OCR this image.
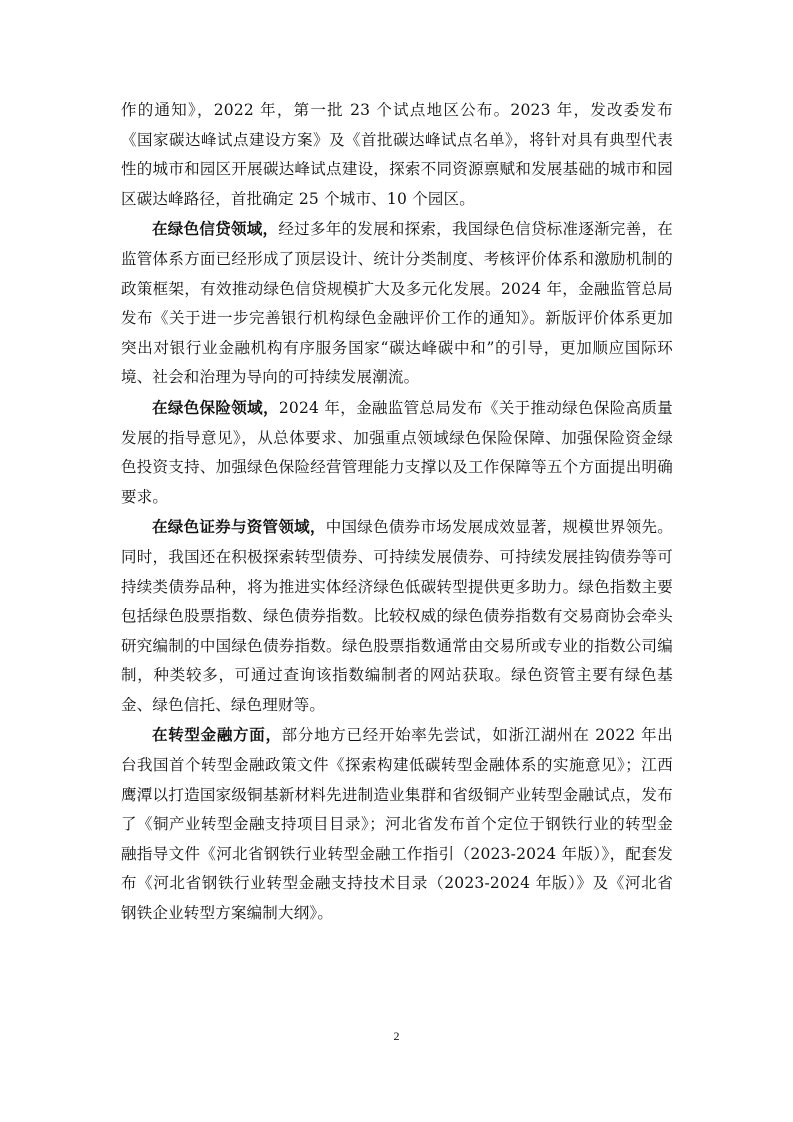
作的通知》，2022 年，第一批 23 个试点地区公布。2023 年，发改委发布《国家碳达峰试点建设方案》及《首批碳达峰试点名单》，将针对具有典型代表性的城市和园区开展碳达峰试点建设，探索不同资源禀赋和发展基础的城市和园区碳达峰路径，首批确定 25 个城市、10 个园区。

在绿色信贷领域，经过多年的发展和探索，我国绿色信贷标准逐渐完善，在监管体系方面已经形成了顶层设计、统计分类制度、考核评价体系和激励机制的政策框架，有效推动绿色信贷规模扩大及多元化发展。2024 年，金融监管总局发布《关于进一步完善银行机构绿色金融评价工作的通知》。新版评价体系更加突出对银行业金融机构有序服务国家“碳达峰碳中和”的引导，更加顺应国际环境、社会和治理为导向的可持续发展潮流。

在绿色保险领域，2024 年，金融监管总局发布《关于推动绿色保险高质量发展的指导意见》，从总体要求、加强重点领域绿色保险保障、加强保险资金绿色投资支持、加强绿色保险经营管理能力支撑以及工作保障等五个方面提出明确要求。

在绿色证券与资管领域，中国绿色债券市场发展成效显著，规模世界领先。同时，我国还在积极探索转型债券、可持续发展债券、可持续发展挂钩债券等可持续类债券品种，将为推进实体经济绿色低碳转型提供更多助力。绿色指数主要包括绿色股票指数、绿色债券指数。比较权威的绿色债券指数有交易商协会牵头研究编制的中国绿色债券指数。绿色股票指数通常由交易所或专业的指数公司编制，种类较多，可通过查询该指数编制者的网站获取。绿色资管主要有绿色基金、绿色信托、绿色理财等。

在转型金融方面，部分地方已经开始率先尝试，如浙江湖州在 2022 年出台我国首个转型金融政策文件《探索构建低碳转型金融体系的实施意见》；江西鹰潭以打造国家级铜基新材料先进制造业集群和省级铜产业转型金融试点，发布了《铜产业转型金融支持项目目录》；河北省发布首个定位于钢铁行业的转型金融指导文件《河北省钢铁行业转型金融工作指引（2023-2024 年版）》，配套发布《河北省钢铁行业转型金融支持技术目录（2023-2024 年版）》及《河北省钢铁企业转型方案编制大纲》。

2
